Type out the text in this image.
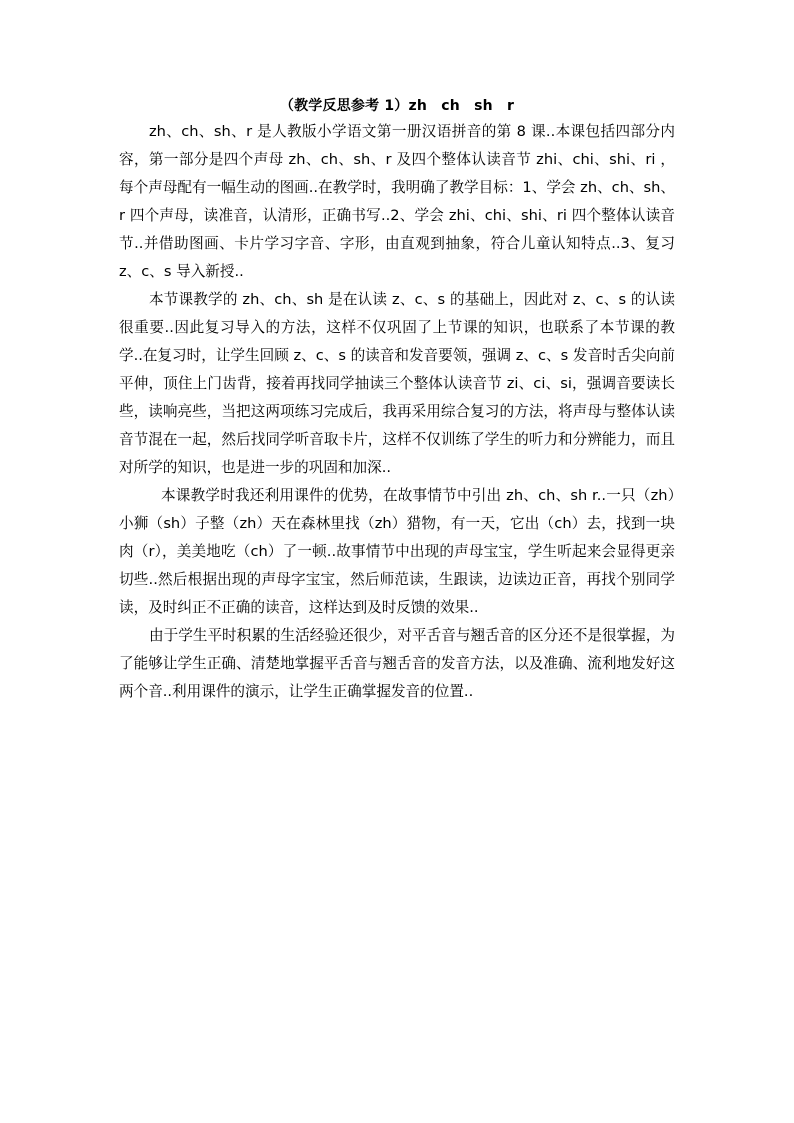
（教学反思参考 1）zh　ch　sh　r

zh、ch、sh、r 是人教版小学语文第一册汉语拼音的第 8 课..本课包括四部分内容，第一部分是四个声母 zh、ch、sh、r 及四个整体认读音节 zhi、chi、shi、ri ，每个声母配有一幅生动的图画..在教学时，我明确了教学目标：1、学会 zh、ch、sh、r 四个声母，读准音，认清形，正确书写..2、学会 zhi、chi、shi、ri 四个整体认读音节..并借助图画、卡片学习字音、字形，由直观到抽象，符合儿童认知特点..3、复习 z、c、s 导入新授..

本节课教学的 zh、ch、sh 是在认读 z、c、s 的基础上，因此对 z、c、s 的认读很重要..因此复习导入的方法，这样不仅巩固了上节课的知识，也联系了本节课的教学..在复习时，让学生回顾 z、c、s 的读音和发音要领，强调 z、c、s 发音时舌尖向前平伸，顶住上门齿背，接着再找同学抽读三个整体认读音节 zi、ci、si，强调音要读长些，读响亮些，当把这两项练习完成后，我再采用综合复习的方法，将声母与整体认读音节混在一起，然后找同学听音取卡片，这样不仅训练了学生的听力和分辨能力，而且对所学的知识，也是进一步的巩固和加深..

本课教学时我还利用课件的优势，在故事情节中引出 zh、ch、sh r..一只（zh）小狮（sh）子整（zh）天在森林里找（zh）猎物，有一天，它出（ch）去，找到一块肉（r），美美地吃（ch）了一顿..故事情节中出现的声母宝宝，学生听起来会显得更亲切些..然后根据出现的声母字宝宝，然后师范读，生跟读，边读边正音，再找个别同学读，及时纠正不正确的读音，这样达到及时反馈的效果..

由于学生平时积累的生活经验还很少，对平舌音与翘舌音的区分还不是很掌握，为了能够让学生正确、清楚地掌握平舌音与翘舌音的发音方法，以及准确、流利地发好这两个音..利用课件的演示，让学生正确掌握发音的位置..
